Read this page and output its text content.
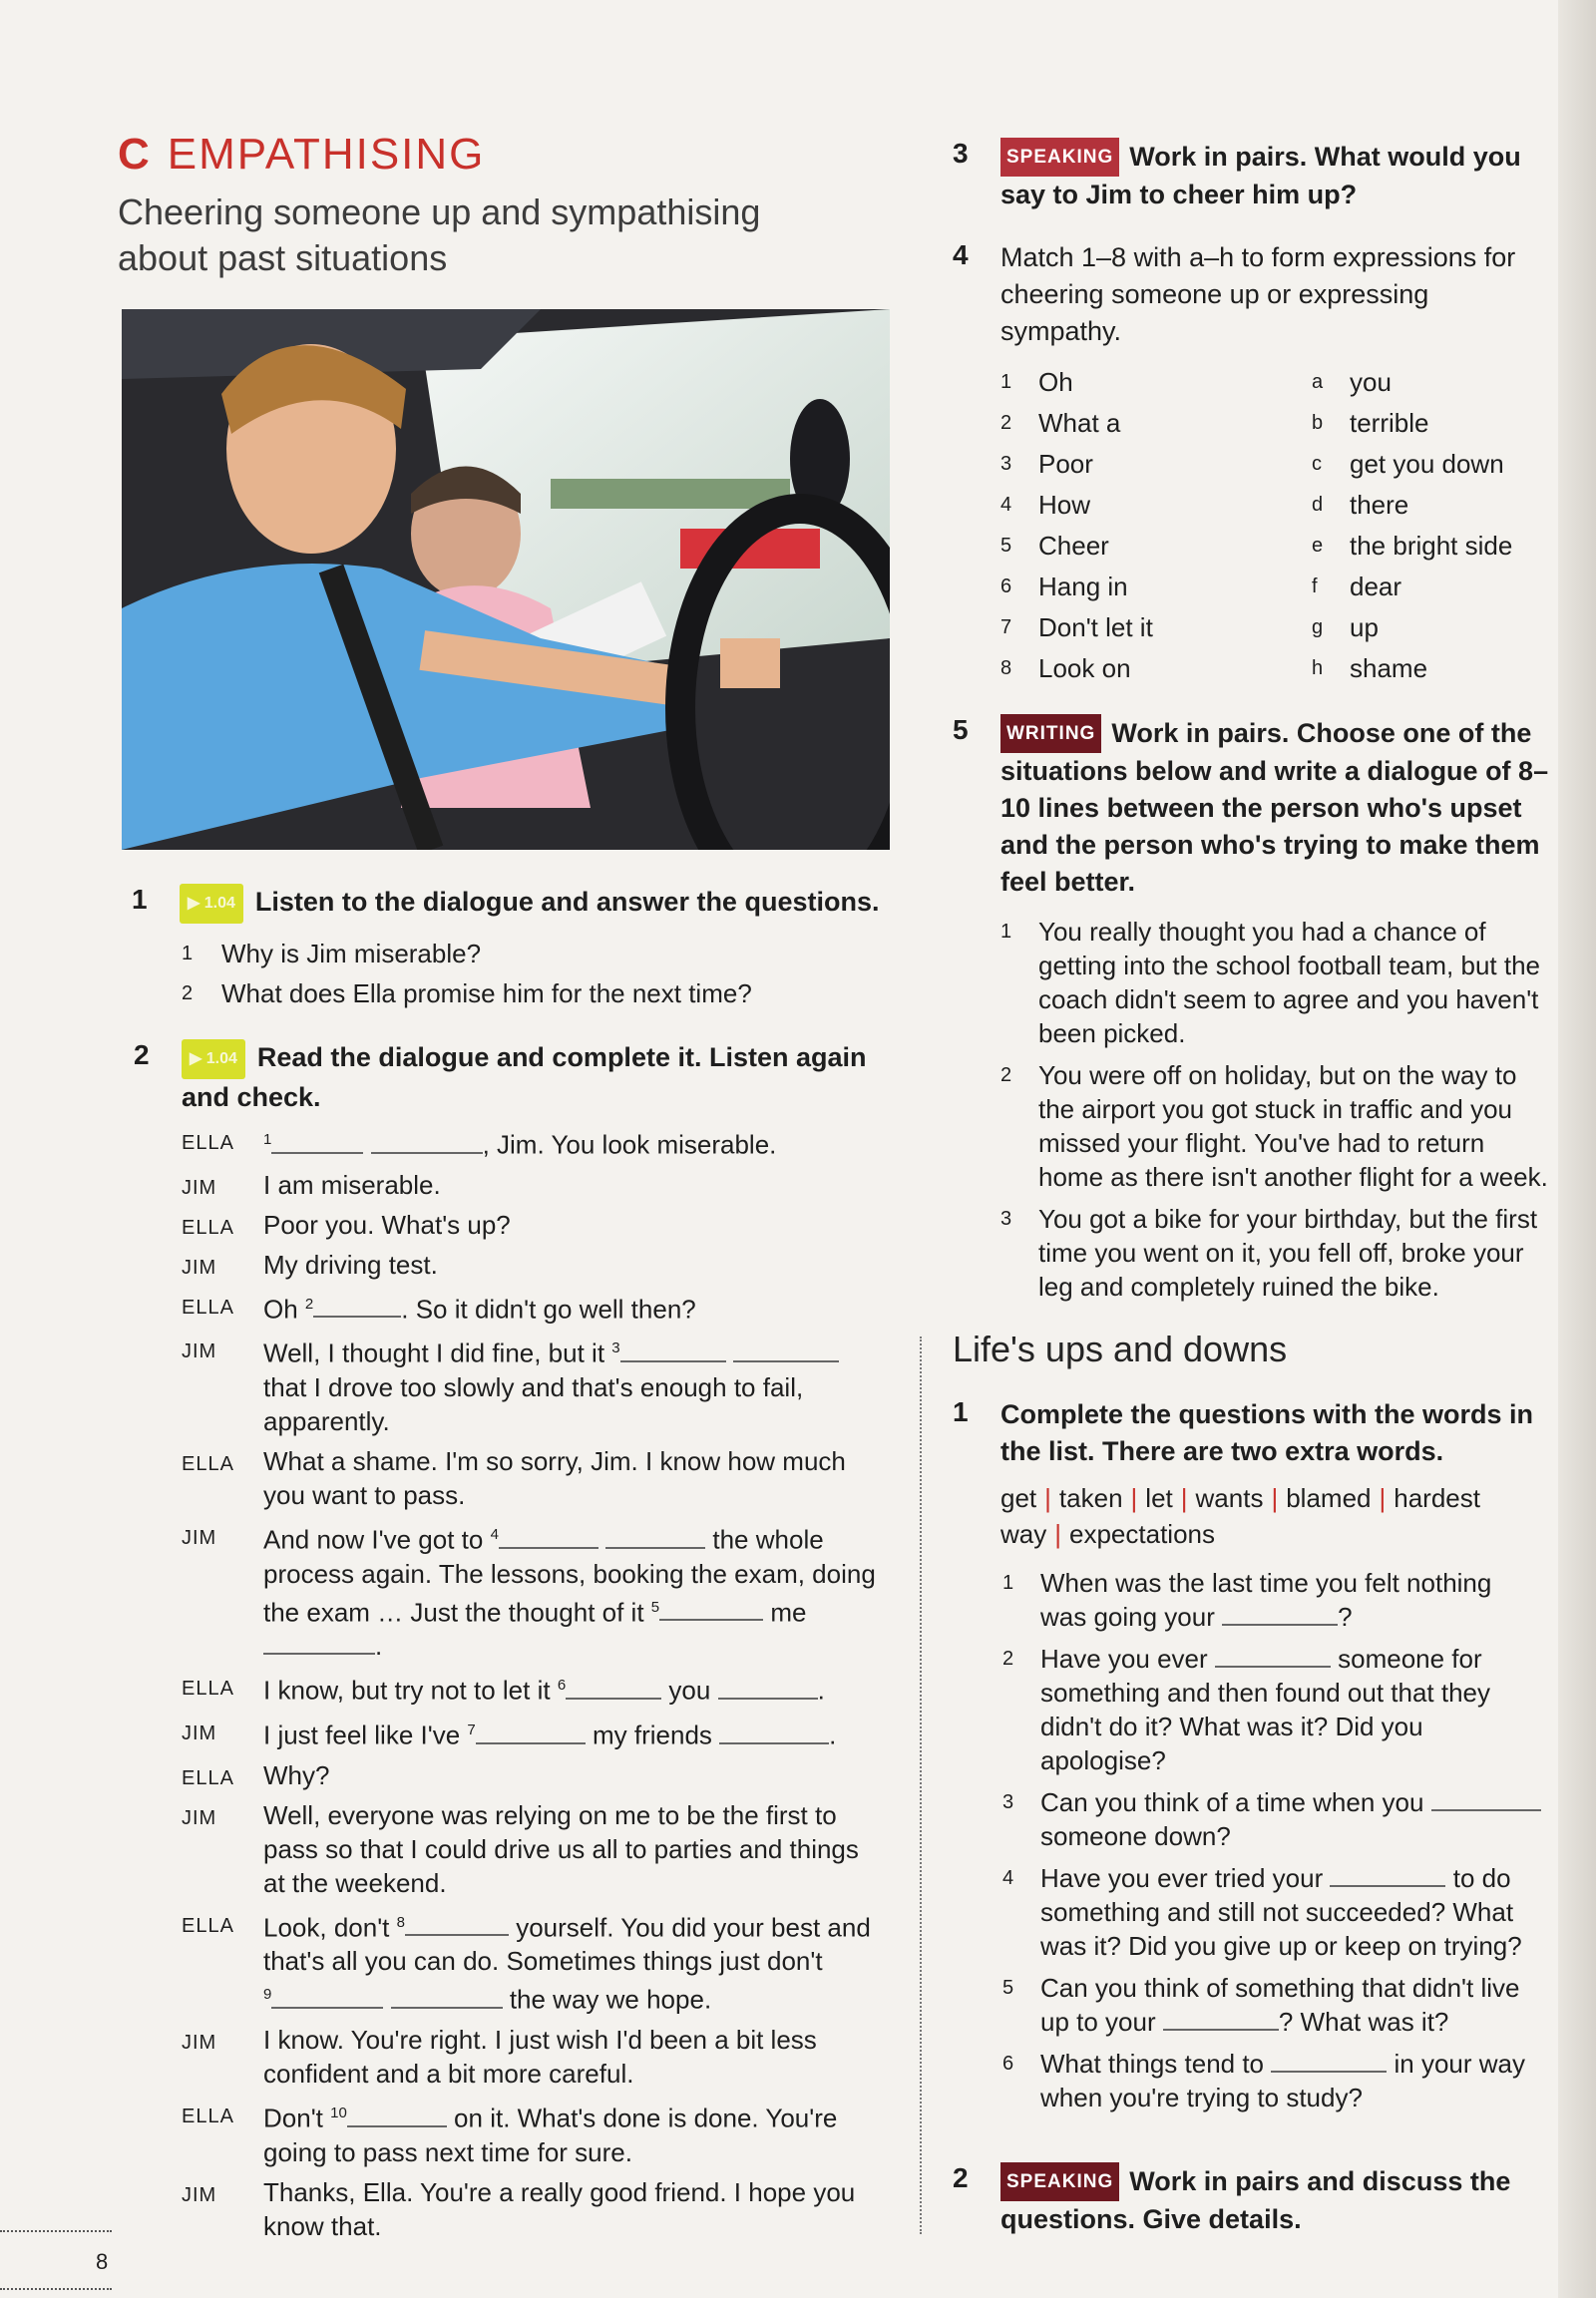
C EMPATHISING
Cheering someone up and sympathising about past situations
1	▶ 1.04 Listen to the dialogue and answer the questions.
1 Why is Jim miserable?
2 What does Ella promise him for the next time?
2	▶ 1.04 Read the dialogue and complete it. Listen again and check.
ELLA $^1$	, Jim. You look miserable.
JIM I am miserable.
ELLA Poor you. What's up?
JIM My driving test.
ELLA Oh $^2$	. So it didn't go well then?
JIM Well, I thought I did fine, but it $^3$  that I drove too slowly and that's enough to fail, apparently.
ELLA What a shame. I'm so sorry, Jim. I know how much you want to pass.
JIM And now I've got to $^4$	the whole process again. The lessons, booking the exam, doing the exam … Just the thought of it $^5$	me
.
ELLA I know, but try not to let it $^6$	you	.
JIM I just feel like I've $^7$	my friends	.
ELLA Why?
JIM Well, everyone was relying on me to be the first to pass so that I could drive us all to parties and things at the weekend.
ELLA Look, don't $^8$	yourself. You did your best and that's all you can do. Sometimes things just don't
$^9$	the way we hope.
JIM I know. You're right. I just wish I'd been a bit less confident and a bit more careful.
ELLA Don't $^{10}$	on it. What's done is done. You're going to pass next time for sure.
JIM Thanks, Ella. You're a really good friend. I hope you know that.
3	SPEAKING Work in pairs. What would you say to Jim to cheer him up?
4	Match 1–8 with a–h to form expressions for cheering someone up or expressing sympathy.
1 Oh	a you
2 What a	b terrible
3 Poor	c get you down
4 How	d there
5 Cheer	e the bright side
6 Hang in	f dear
7 Don't let it	g up
8 Look on	h shame
5	WRITING Work in pairs. Choose one of the situations below and write a dialogue of 8–10 lines between the person who's upset and the person who's trying to make them feel better.
1 You really thought you had a chance of getting into the school football team, but the coach didn't seem to agree and you haven't been picked.
2 You were off on holiday, but on the way to the airport you got stuck in traffic and you missed your flight. You've had to return home as there isn't another flight for a week.
3 You got a bike for your birthday, but the first time you went on it, you fell off, broke your leg and completely ruined the bike.
Life's ups and downs
1	Complete the questions with the words in the list. There are two extra words.
get | taken | let | wants | blamed | hardest
way | expectations
1 When was the last time you felt nothing was going your	?
2 Have you ever	someone for something and then found out that they didn't do it? What was it? Did you apologise?
3 Can you think of a time when you  someone down?
4 Have you ever tried your	to do something and still not succeeded? What was it? Did you give up or keep on trying?
5 Can you think of something that didn't live up to your	? What was it?
6 What things tend to	in your way when you're trying to study?
2	SPEAKING Work in pairs and discuss the questions. Give details.
8
